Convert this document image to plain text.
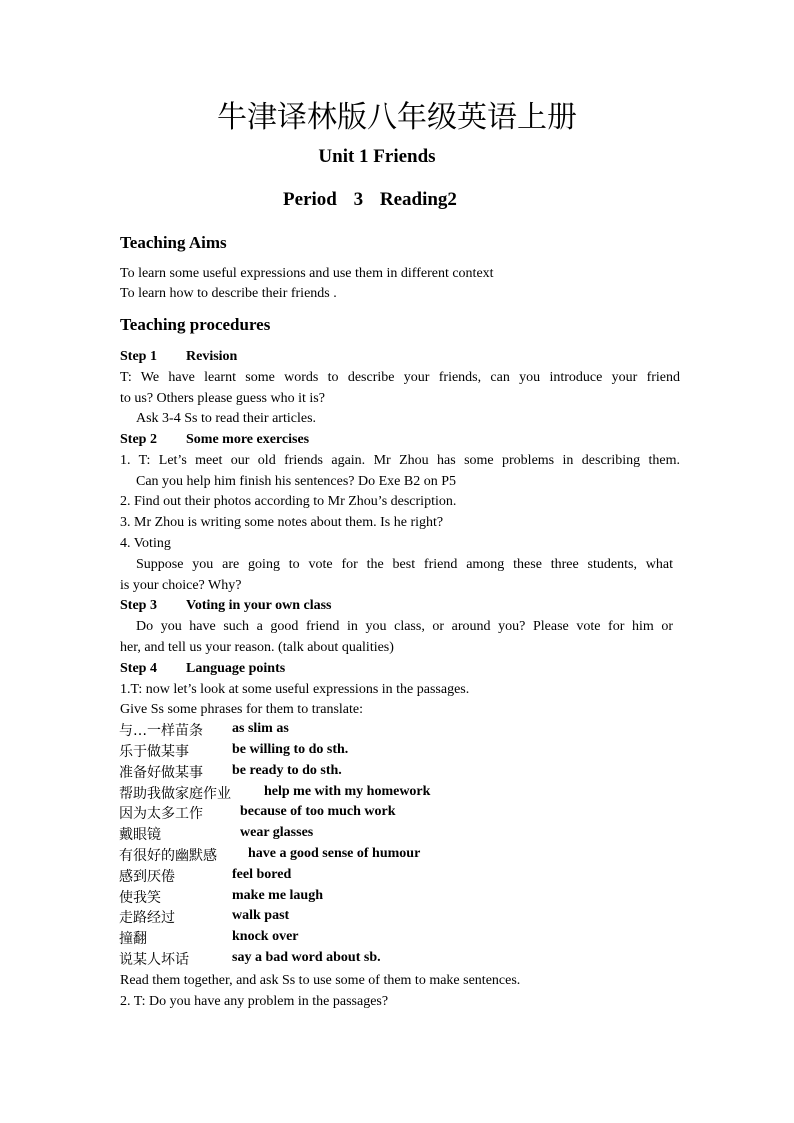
牛津译林版八年级英语上册
Unit 1 Friends
Period 3 Reading2
Teaching Aims
To learn some useful expressions and use them in different context
To learn how to describe their friends .
Teaching procedures
Step 1 Revision
T: We have learnt some words to describe your friends, can you introduce your friend
to us? Others please guess who it is?
Ask 3-4 Ss to read their articles.
Step 2 Some more exercises
1. T: Let’s meet our old friends again. Mr Zhou has some problems in describing them.
Can you help him finish his sentences? Do Exe B2 on P5
2. Find out their photos according to Mr Zhou’s description.
3. Mr Zhou is writing some notes about them. Is he right?
4. Voting
Suppose you are going to vote for the best friend among these three students, what
is your choice? Why?
Step 3 Voting in your own class
Do you have such a good friend in you class, or around you? Please vote for him or
her, and tell us your reason. (talk about qualities)
Step 4 Language points
1.T: now let’s look at some useful expressions in the passages.
Give Ss some phrases for them to translate:
与…一样苗条 as slim as
乐于做某事	be willing to do sth.
准备好做某事 be ready to do sth.
帮助我做家庭作业 help me with my homework
因为太多工作	because of too much work
戴眼镜	wear glasses
有很好的幽默感 have a good sense of humour
感到厌倦	feel bored
使我笑	make me laugh
走路经过	walk past
撞翻	knock over
说某人坏话	say a bad word about sb.
Read them together, and ask Ss to use some of them to make sentences.
2. T: Do you have any problem in the passages?
